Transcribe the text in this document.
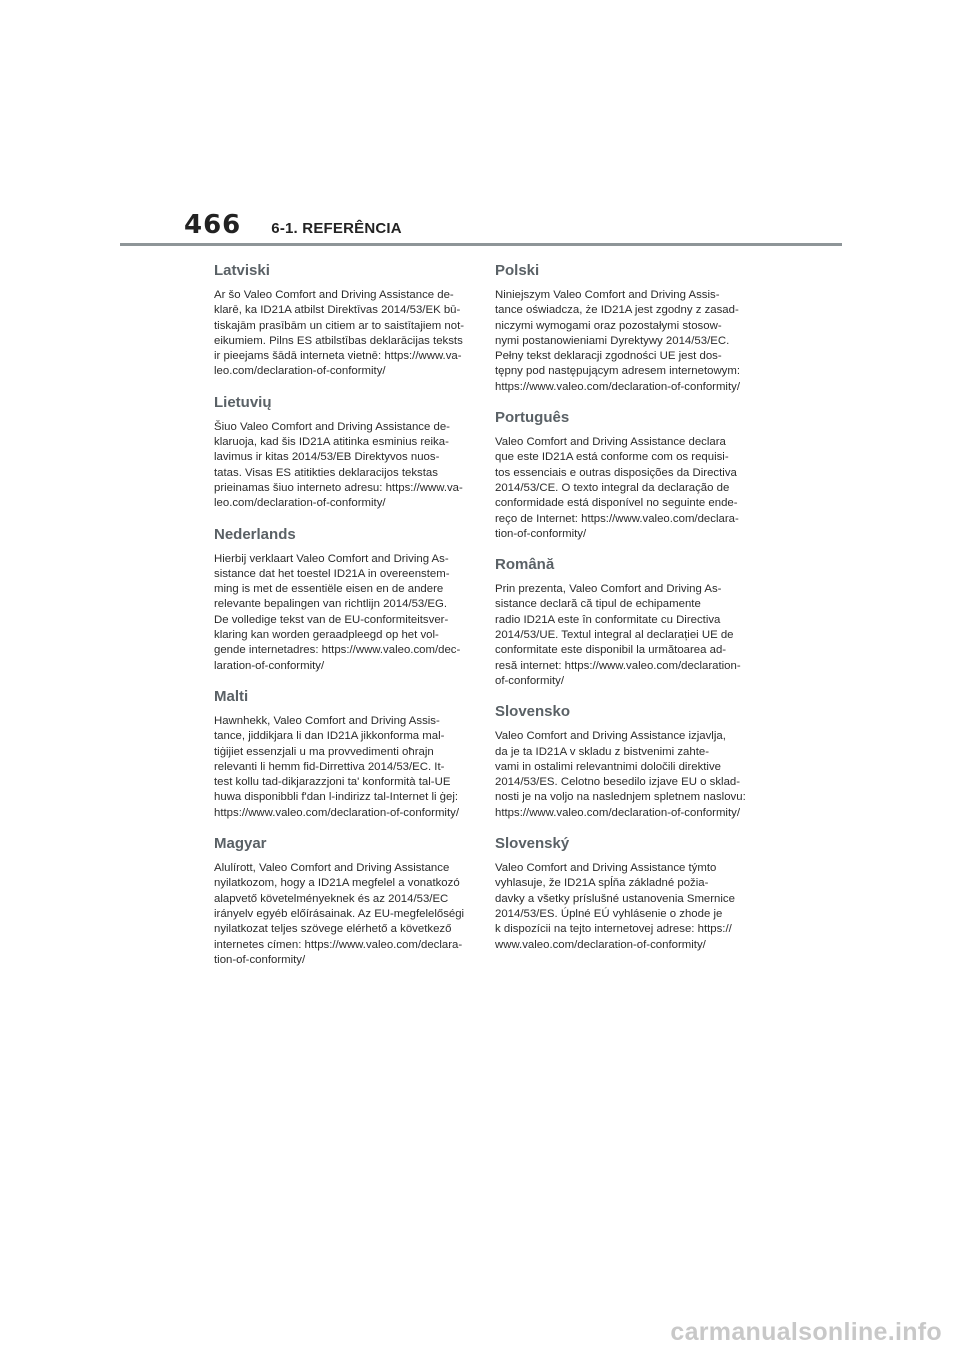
466 6-1. REFERÊNCIA
Latviski
Ar šo Valeo Comfort and Driving Assistance de-
klarē, ka ID21A atbilst Direktīvas 2014/53/EK bū-
tiskajām prasībām un citiem ar to saistītajiem not-
eikumiem. Pilns ES atbilstības deklarācijas teksts
ir pieejams šādā interneta vietnē: https://www.va-
leo.com/declaration-of-conformity/
Lietuvių
Šiuo Valeo Comfort and Driving Assistance de-
klaruoja, kad šis ID21A atitinka esminius reika-
lavimus ir kitas 2014/53/EB Direktyvos nuos-
tatas. Visas ES atitikties deklaracijos tekstas
prieinamas šiuo interneto adresu: https://www.va-
leo.com/declaration-of-conformity/
Nederlands
Hierbij verklaart Valeo Comfort and Driving As-
sistance dat het toestel ID21A in overeenstem-
ming is met de essentiële eisen en de andere
relevante bepalingen van richtlijn 2014/53/EG.
De volledige tekst van de EU-conformiteitsver-
klaring kan worden geraadpleegd op het vol-
gende internetadres: https://www.valeo.com/dec-
laration-of-conformity/
Malti
Hawnhekk, Valeo Comfort and Driving Assis-
tance, jiddikjara li dan ID21A jikkonforma mal-
tiġijiet essenzjali u ma provvedimenti oħrajn
relevanti li hemm fid-Dirrettiva 2014/53/EC. It-
test kollu tad-dikjarazzjoni ta' konformità tal-UE
huwa disponibbli f'dan l-indirizz tal-Internet li ġej:
https://www.valeo.com/declaration-of-conformity/
Magyar
Alulírott, Valeo Comfort and Driving Assistance
nyilatkozom, hogy a ID21A megfelel a vonatkozó
alapvető követelményeknek és az 2014/53/EC
irányelv egyéb előírásainak. Az EU-megfelelőségi
nyilatkozat teljes szövege elérhető a következő
internetes címen: https://www.valeo.com/declara-
tion-of-conformity/
Polski
Niniejszym Valeo Comfort and Driving Assis-
tance oświadcza, że ID21A jest zgodny z zasad-
niczymi wymogami oraz pozostałymi stosow-
nymi postanowieniami Dyrektywy 2014/53/EC.
Pełny tekst deklaracji zgodności UE jest dos-
tępny pod następującym adresem internetowym:
https://www.valeo.com/declaration-of-conformity/
Português
Valeo Comfort and Driving Assistance declara
que este ID21A está conforme com os requisi-
tos essenciais e outras disposições da Directiva
2014/53/CE. O texto integral da declaração de
conformidade está disponível no seguinte ende-
reço de Internet: https://www.valeo.com/declara-
tion-of-conformity/
Română
Prin prezenta, Valeo Comfort and Driving As-
sistance declară că tipul de echipamente
radio ID21A este în conformitate cu Directiva
2014/53/UE. Textul integral al declarației UE de
conformitate este disponibil la următoarea ad-
resă internet: https://www.valeo.com/declaration-
of-conformity/
Slovensko
Valeo Comfort and Driving Assistance izjavlja,
da je ta ID21A v skladu z bistvenimi zahte-
vami in ostalimi relevantnimi določili direktive
2014/53/ES. Celotno besedilo izjave EU o sklad-
nosti je na voljo na naslednjem spletnem naslovu:
https://www.valeo.com/declaration-of-conformity/
Slovenský
Valeo Comfort and Driving Assistance týmto
vyhlasuje, že ID21A spĺňa základné požia-
davky a všetky príslušné ustanovenia Smernice
2014/53/ES. Úplné EÚ vyhlásenie o zhode je
k dispozícii na tejto internetovej adrese: https://
www.valeo.com/declaration-of-conformity/
carmanualsonline.info
